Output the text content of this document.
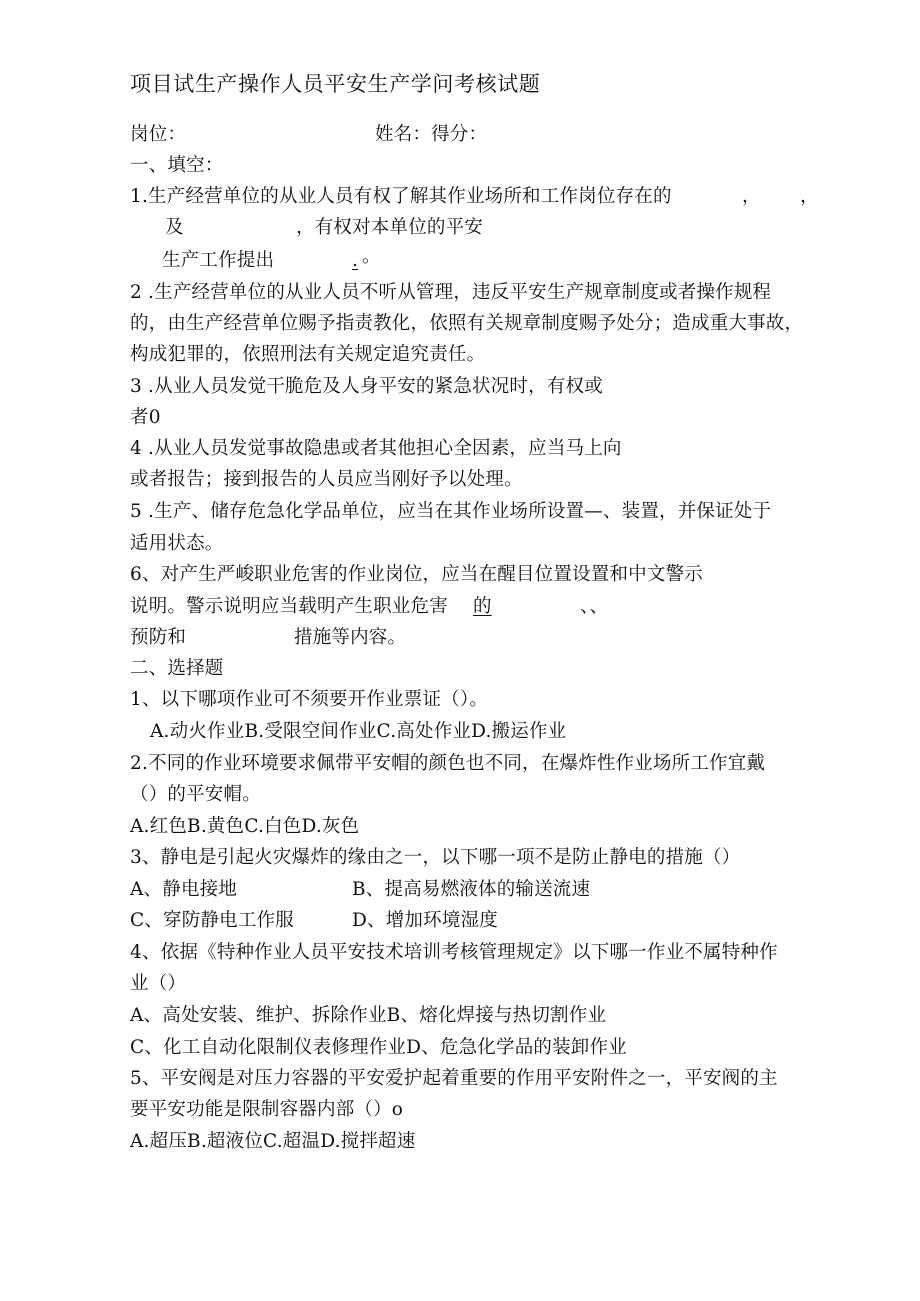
项目试生产操作人员平安生产学问考核试题
岗位：	姓名：得分：
一、填空：
1.生产经营单位的从业人员有权了解其作业场所和工作岗位存在的	， ，
及	，有权对本单位的平安
生产工作提出	. 。
2 .生产经营单位的从业人员不听从管理，违反平安生产规章制度或者操作规程
的，由生产经营单位赐予指责教化，依照有关规章制度赐予处分；造成重大事故，
构成犯罪的，依照刑法有关规定追究责任。
3 .从业人员发觉干脆危及人身平安的紧急状况时，有权或
者0
4 .从业人员发觉事故隐患或者其他担心全因素，应当马上向
或者报告；接到报告的人员应当刚好予以处理。
5 .生产、储存危急化学品单位，应当在其作业场所设置—、装置，并保证处于
适用状态。
6、对产生严峻职业危害的作业岗位，应当在醒目位置设置和中文警示
说明。警示说明应当载明产生职业危害 的	、、
预防和	措施等内容。
二、选择题
1、以下哪项作业可不须要开作业票证（）。
A.动火作业B.受限空间作业C.高处作业D.搬运作业
2.不同的作业环境要求佩带平安帽的颜色也不同，在爆炸性作业场所工作宜戴
（）的平安帽。
A.红色B.黄色C.白色D.灰色
3、静电是引起火灾爆炸的缘由之一，以下哪一项不是防止静电的措施（）
A、静电接地	B、提高易燃液体的输送流速
C、穿防静电工作服	D、增加环境湿度
4、依据《特种作业人员平安技术培训考核管理规定》以下哪一作业不属特种作
业（）
A、高处安装、维护、拆除作业B、熔化焊接与热切割作业
C、化工自动化限制仪表修理作业D、危急化学品的装卸作业
5、平安阀是对压力容器的平安爱护起着重要的作用平安附件之一，平安阀的主
要平安功能是限制容器内部（）o
A.超压B.超液位C.超温D.搅拌超速
